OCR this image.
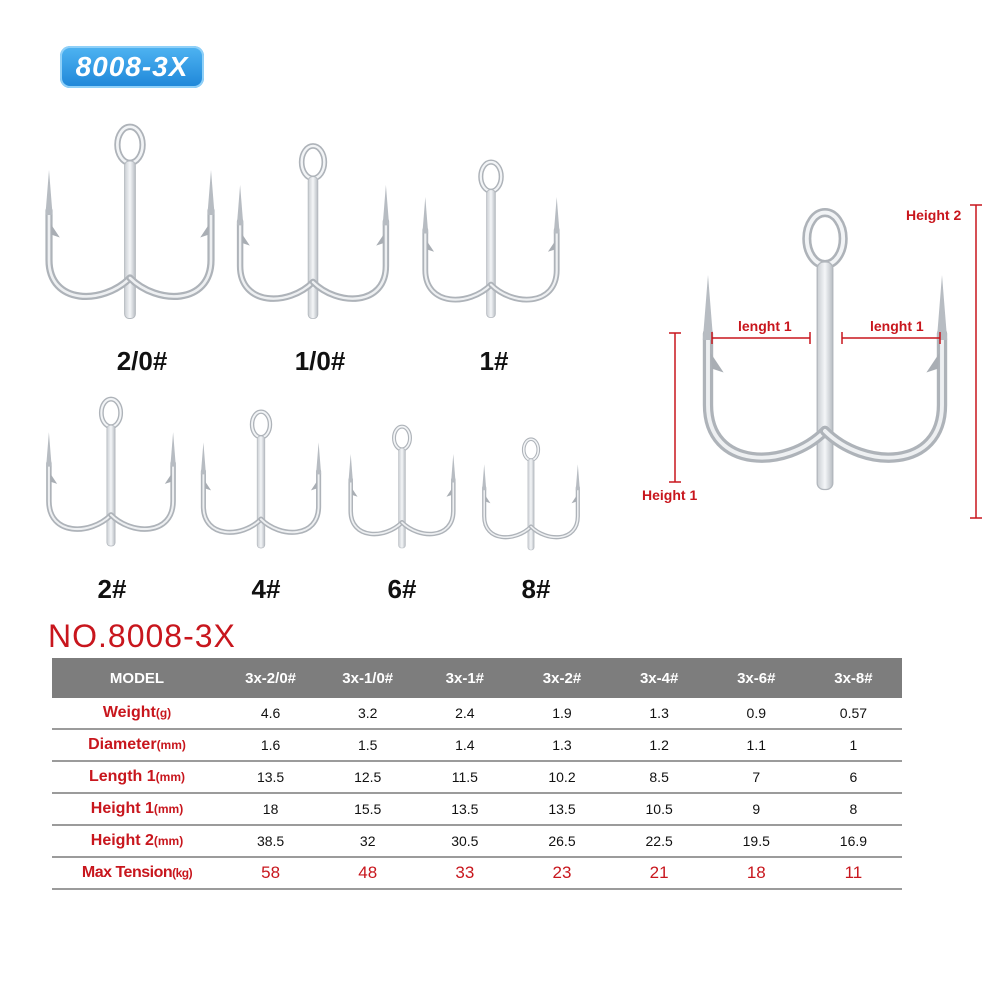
8008-3X
2/0#	1/0#	1#
2#	4#	6#	8#
Height 2
Height 1
lenght 1	lenght 1
NO.8008-3X
MODEL	3x-2/0#	3x-1/0#	3x-1#	3x-2#	3x-4#	3x-6#	3x-8#
Weight(g)	4.6	3.2	2.4	1.9	1.3	0.9	0.57
Diameter(mm)	1.6	1.5	1.4	1.3	1.2	1.1	1
Length 1(mm)	13.5	12.5	11.5	10.2	8.5	7	6
Height 1(mm)	18	15.5	13.5	13.5	10.5	9	8
Height 2(mm)	38.5	32	30.5	26.5	22.5	19.5	16.9
Max Tension(kg)	58	48	33	23	21	18	11
